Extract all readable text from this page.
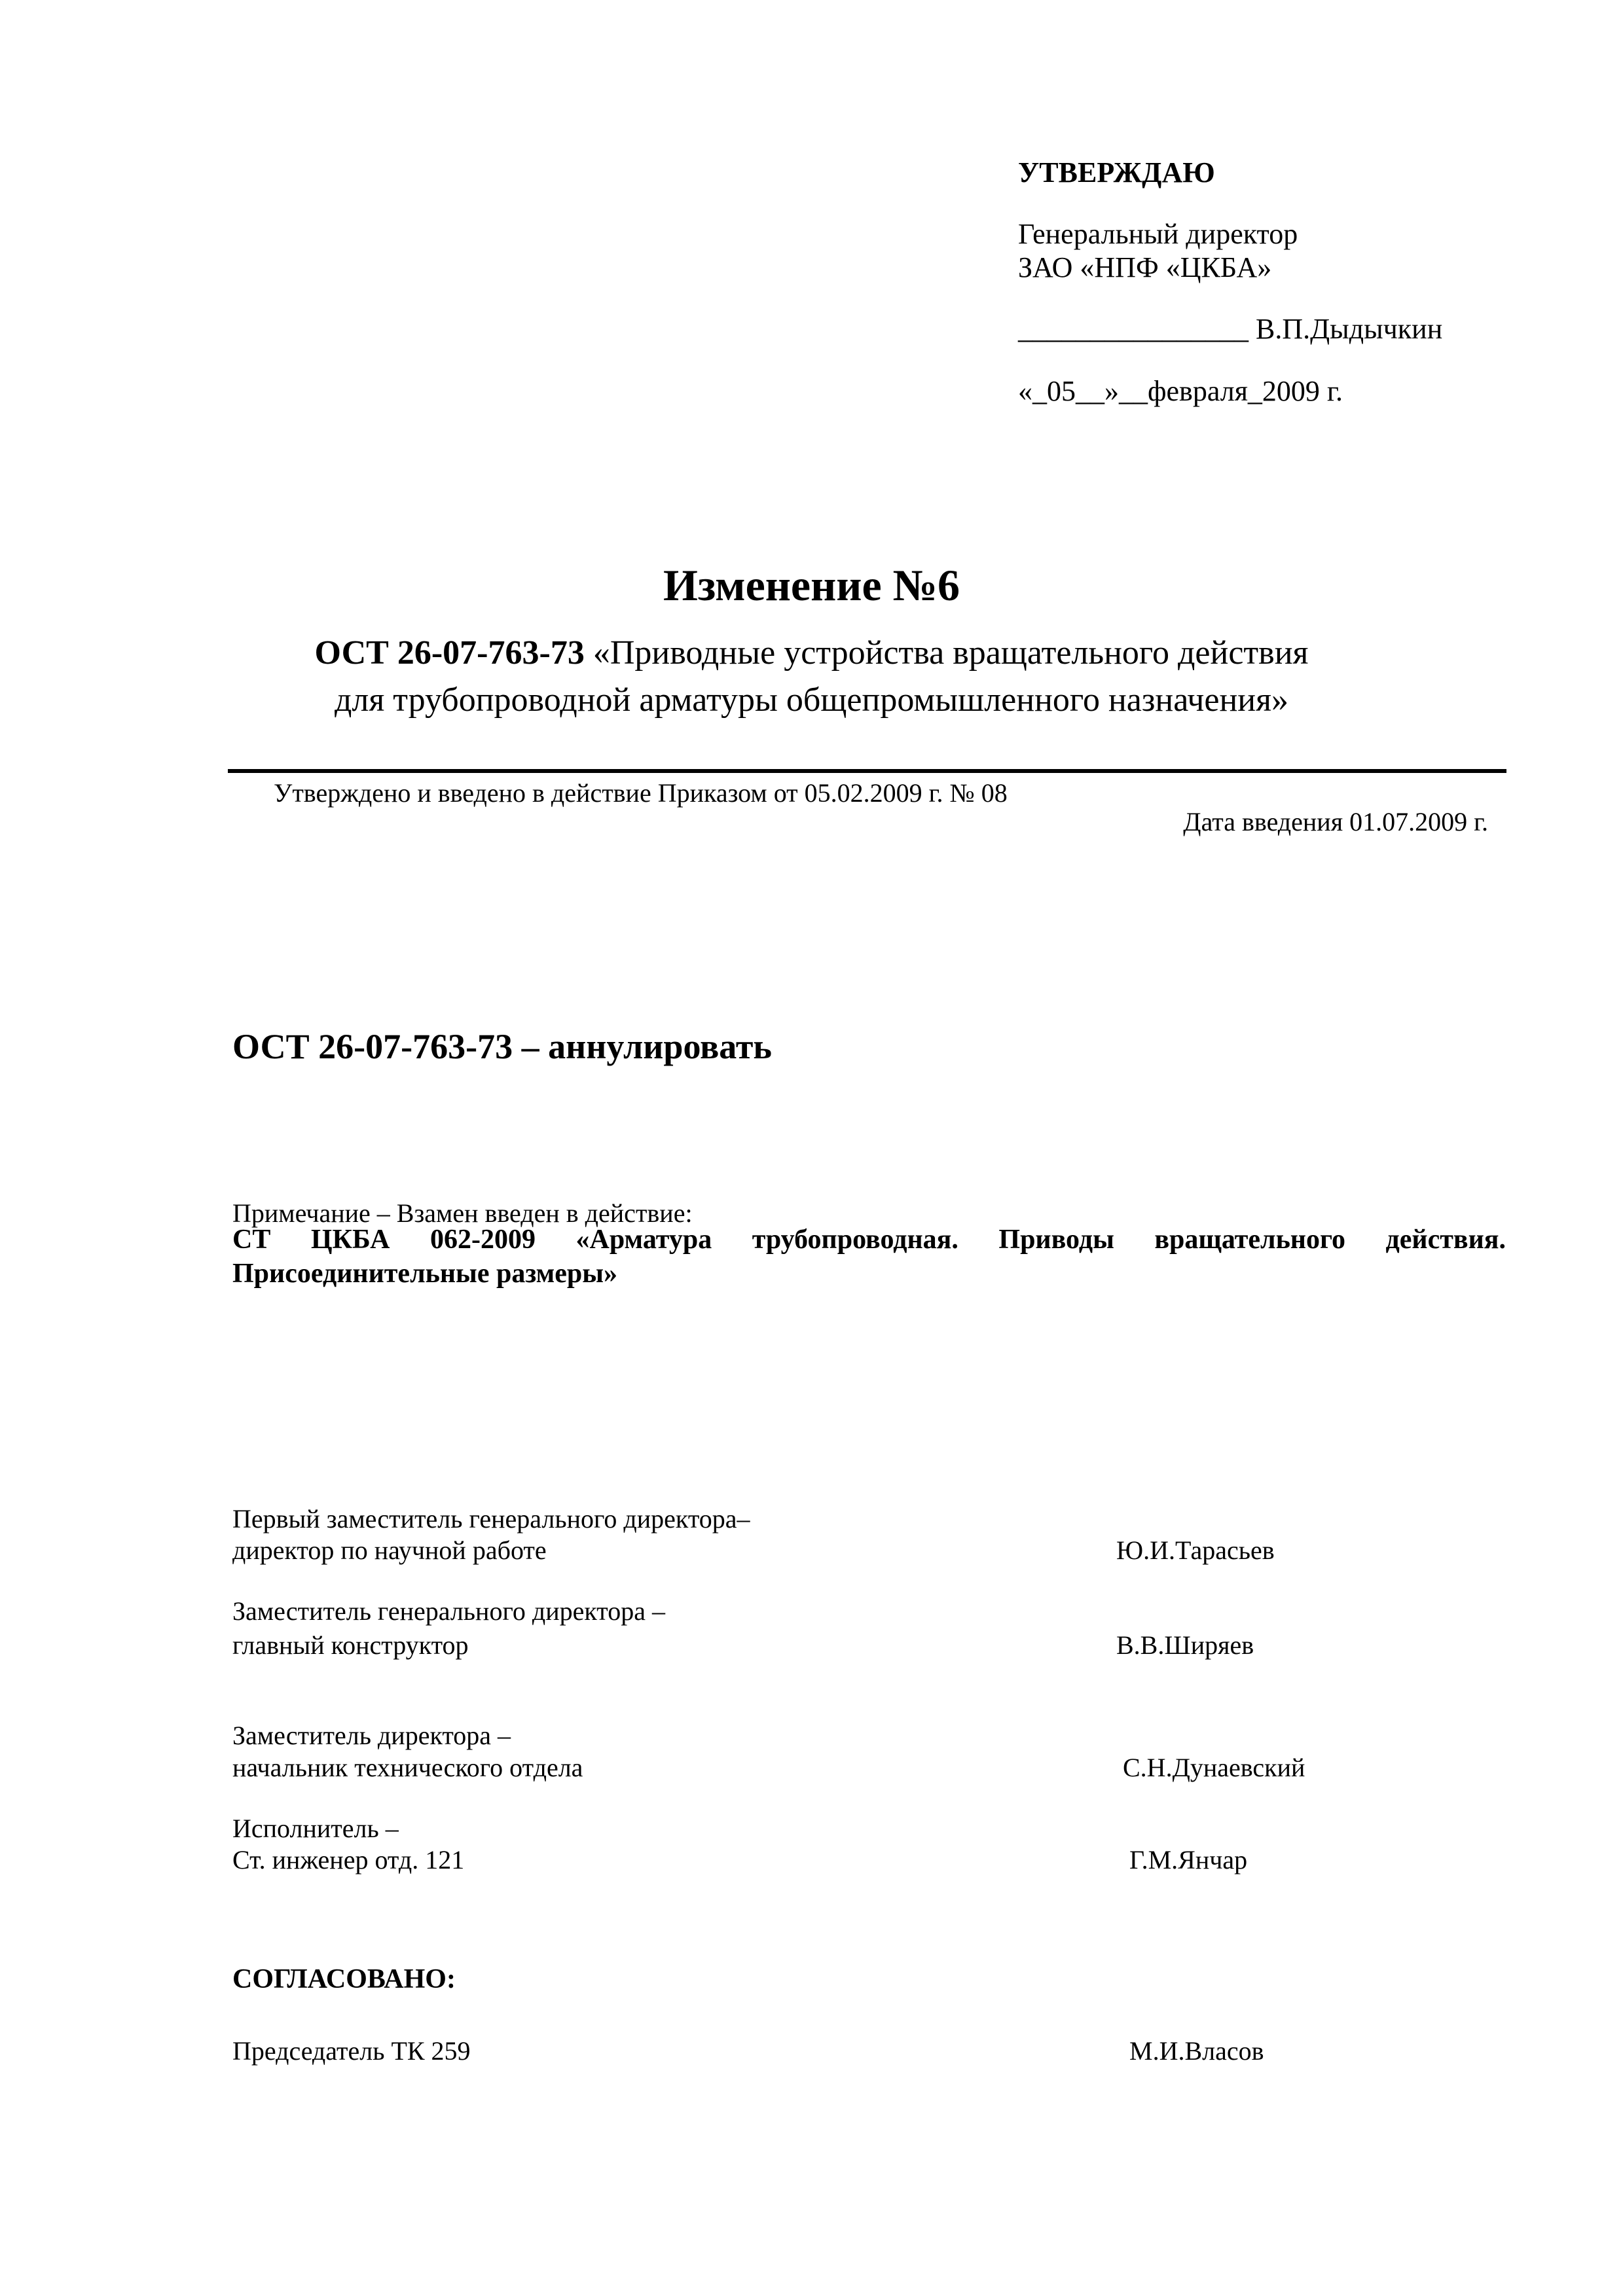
УТВЕРЖДАЮ
Генеральный директор
ЗАО «НПФ «ЦКБА»
________________ В.П.Дыдычкин
«_05__»__февраля_2009 г.
Изменение №6
ОСТ 26-07-763-73 «Приводные устройства вращательного действия
для трубопроводной арматуры общепромышленного назначения»
Утверждено и введено в действие Приказом от 05.02.2009 г. № 08
Дата введения 01.07.2009 г.
ОСТ 26-07-763-73 – аннулировать
Примечание – Взамен введен в действие:
СТ ЦКБА 062-2009 «Арматура трубопроводная. Приводы вращательного действия. Присоединительные размеры»
Первый заместитель генерального директора–
директор по научной работе	Ю.И.Тарасьев
Заместитель генерального директора –
главный конструктор	В.В.Ширяев
Заместитель директора –
начальник технического отдела	С.Н.Дунаевский
Исполнитель –
Ст. инженер отд. 121	Г.М.Янчар
СОГЛАСОВАНО:
Председатель ТК 259	М.И.Власов
